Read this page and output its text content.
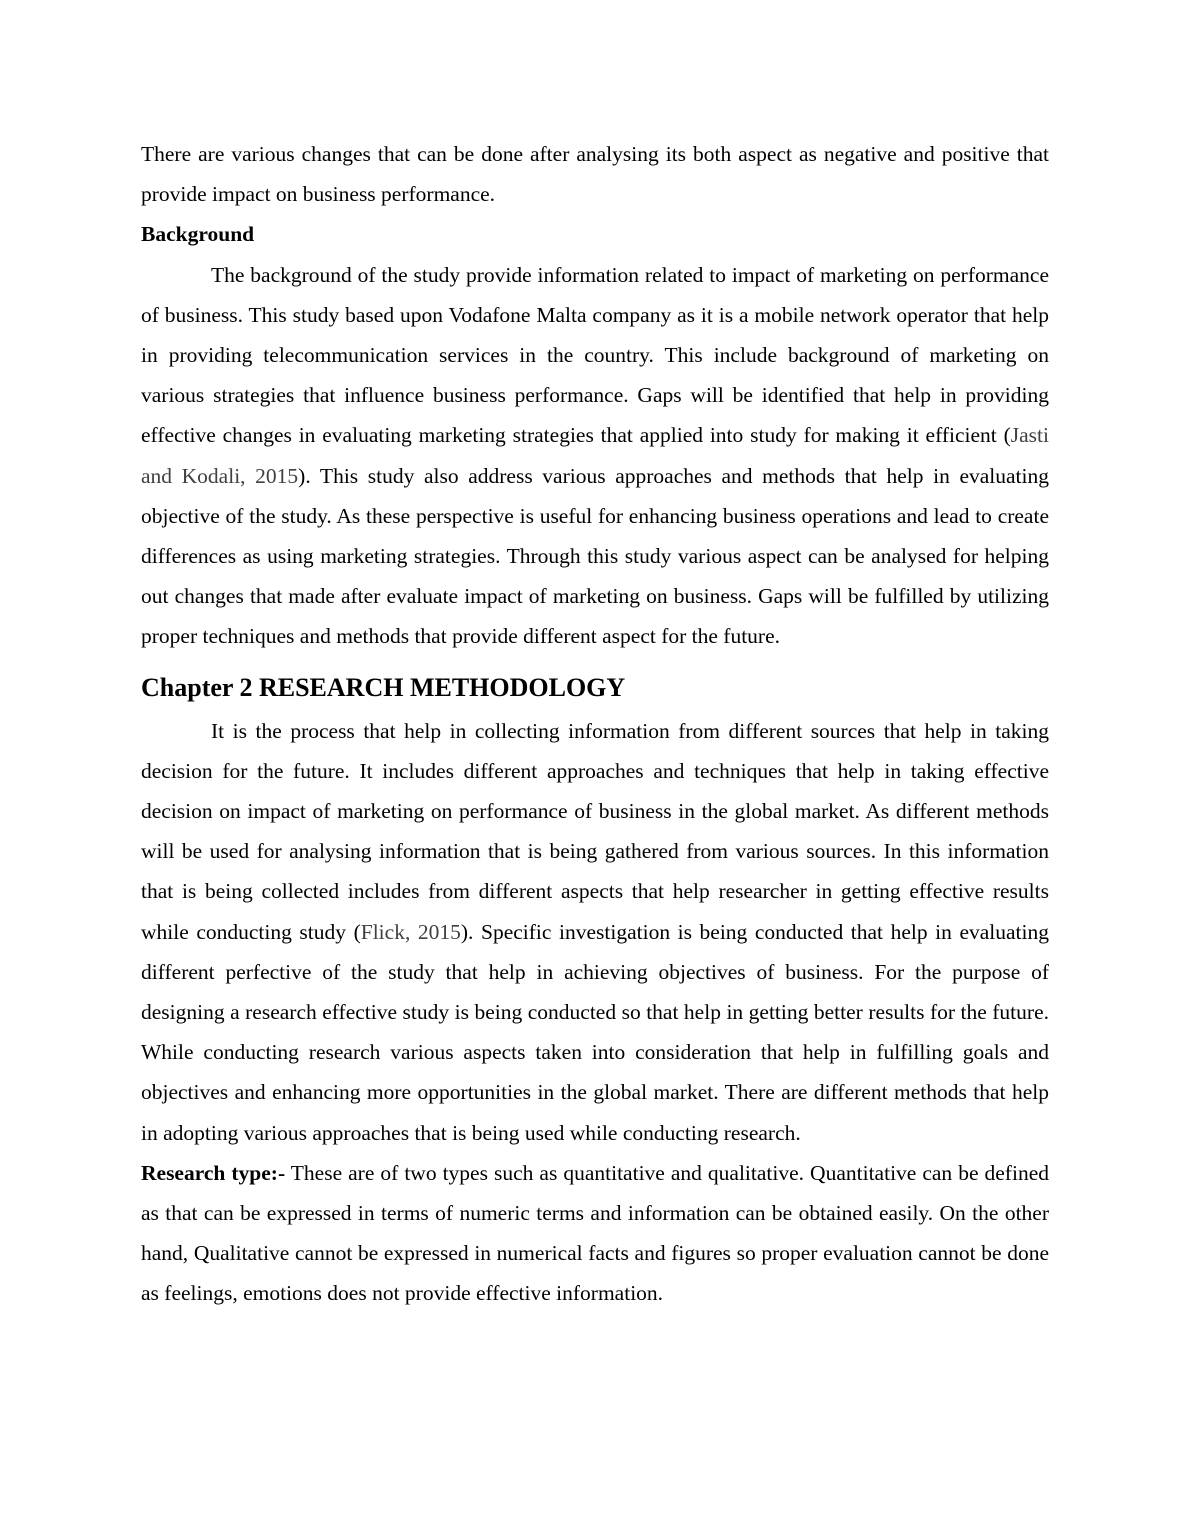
There are various changes that can be done after analysing its both aspect as negative and positive that provide impact on business performance.

Background

The background of the study provide information related to impact of marketing on performance of business. This study based upon Vodafone Malta company as it is a mobile network operator that help in providing telecommunication services in the country. This include background of marketing on various strategies that influence business performance. Gaps will be identified that help in providing effective changes in evaluating marketing strategies that applied into study for making it efficient (Jasti and Kodali, 2015). This study also address various approaches and methods that help in evaluating objective of the study. As these perspective is useful for enhancing business operations and lead to create differences as using marketing strategies. Through this study various aspect can be analysed for helping out changes that made after evaluate impact of marketing on business. Gaps will be fulfilled by utilizing proper techniques and methods that provide different aspect for the future.

Chapter 2 RESEARCH METHODOLOGY

It is the process that help in collecting information from different sources that help in taking decision for the future. It includes different approaches and techniques that help in taking effective decision on impact of marketing on performance of business in the global market. As different methods will be used for analysing information that is being gathered from various sources. In this information that is being collected includes from different aspects that help researcher in getting effective results while conducting study (Flick, 2015). Specific investigation is being conducted that help in evaluating different perfective of the study that help in achieving objectives of business. For the purpose of designing a research effective study is being conducted so that help in getting better results for the future. While conducting research various aspects taken into consideration that help in fulfilling goals and objectives and enhancing more opportunities in the global market. There are different methods that help in adopting various approaches that is being used while conducting research.

Research type:- These are of two types such as quantitative and qualitative. Quantitative can be defined as that can be expressed in terms of numeric terms and information can be obtained easily. On the other hand, Qualitative cannot be expressed in numerical facts and figures so proper evaluation cannot be done as feelings, emotions does not provide effective information.
